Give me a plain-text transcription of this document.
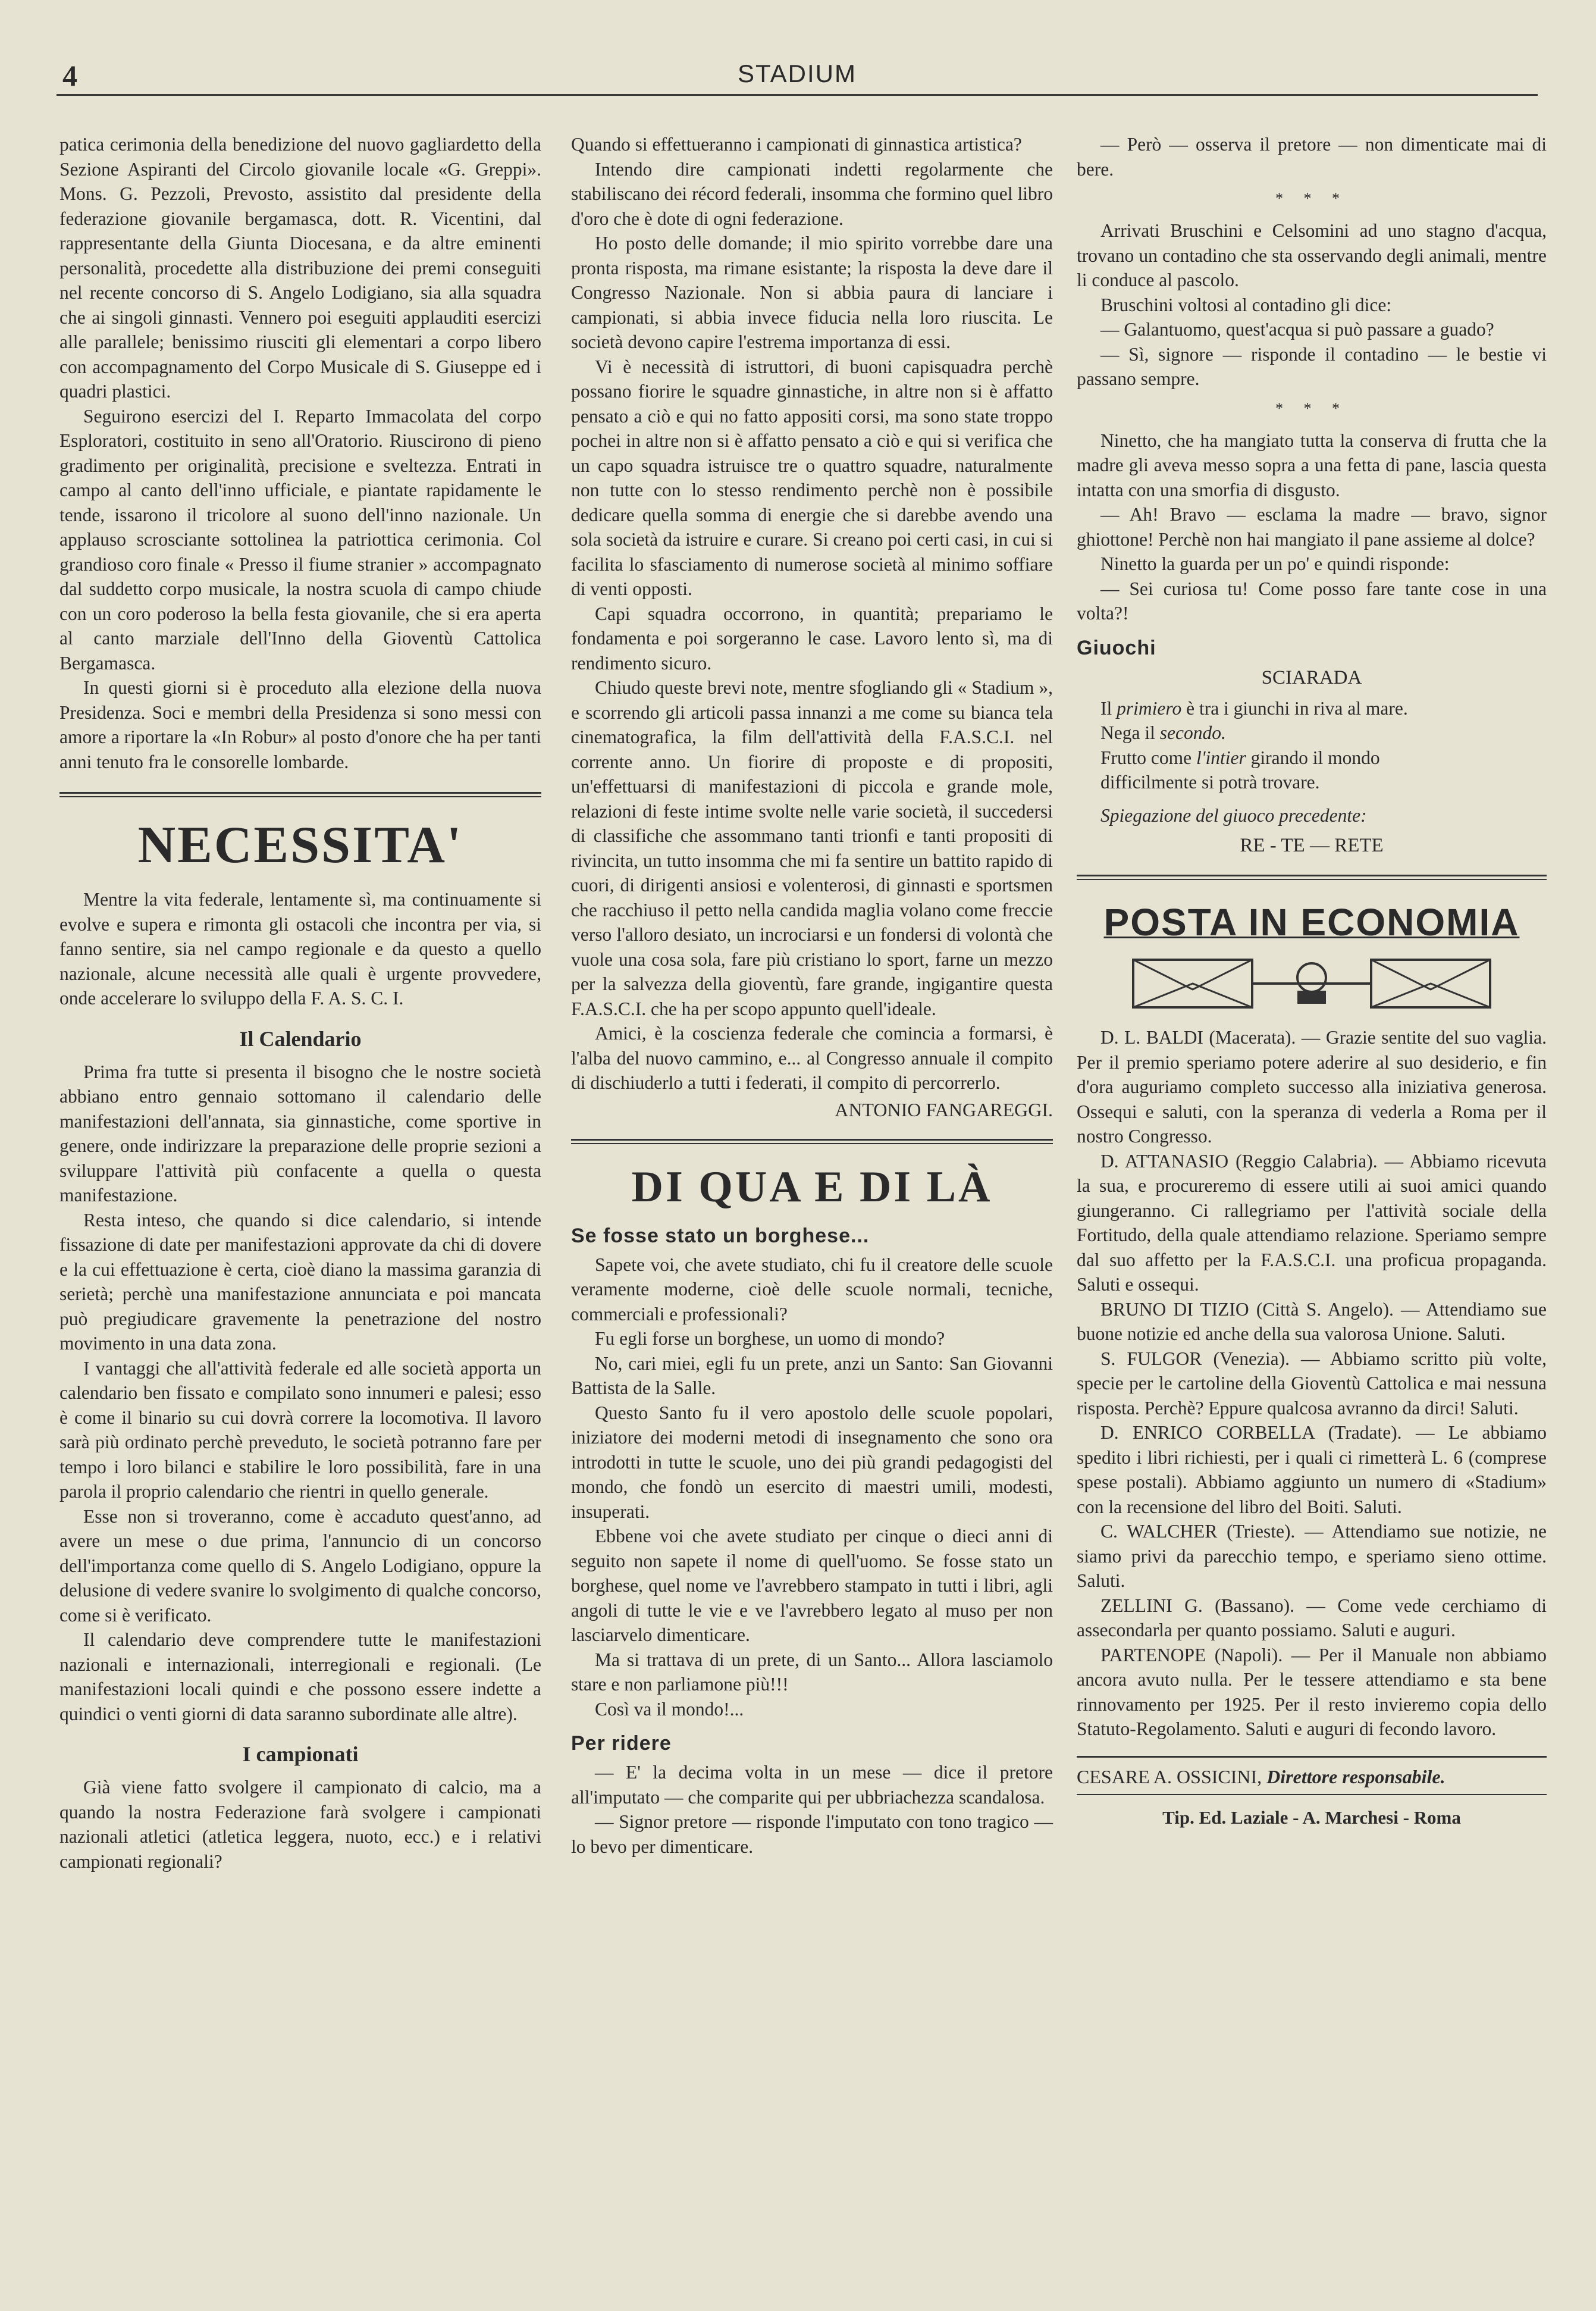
4	STADIUM

patica cerimonia della benedizione del nuovo gagliardetto della Sezione Aspiranti del Circolo giovanile locale «G. Greppi». Mons. G. Pezzoli, Prevosto, assistito dal presidente della federazione giovanile bergamasca, dott. R. Vicentini, dal rappresentante della Giunta Diocesana, e da altre eminenti personalità, procedette alla distribuzione dei premi conseguiti nel recente concorso di S. Angelo Lodigiano, sia alla squadra che ai singoli ginnasti. Vennero poi eseguiti applauditi esercizi alle parallele; benissimo riusciti gli elementari a corpo libero con accompagnamento del Corpo Musicale di S. Giuseppe ed i quadri plastici.

Seguirono esercizi del I. Reparto Immacolata del corpo Esploratori, costituito in seno all'Oratorio. Riuscirono di pieno gradimento per originalità, precisione e sveltezza. Entrati in campo al canto dell'inno ufficiale, e piantate rapidamente le tende, issarono il tricolore al suono dell'inno nazionale. Un applauso scrosciante sottolinea la patriottica cerimonia. Col grandioso coro finale « Presso il fiume stranier » accompagnato dal suddetto corpo musicale, la nostra scuola di campo chiude con un coro poderoso la bella festa giovanile, che si era aperta al canto marziale dell'Inno della Gioventù Cattolica Bergamasca.

In questi giorni si è proceduto alla elezione della nuova Presidenza. Soci e membri della Presidenza si sono messi con amore a riportare la «In Robur» al posto d'onore che ha per tanti anni tenuto fra le consorelle lombarde.

NECESSITA'

Mentre la vita federale, lentamente sì, ma continuamente si evolve e supera e rimonta gli ostacoli che incontra per via, si fanno sentire, sia nel campo regionale e da questo a quello nazionale, alcune necessità alle quali è urgente provvedere, onde accelerare lo sviluppo della F. A. S. C. I.

Il Calendario

Prima fra tutte si presenta il bisogno che le nostre società abbiano entro gennaio sottomano il calendario delle manifestazioni dell'annata, sia ginnastiche, come sportive in genere, onde indirizzare la preparazione delle proprie sezioni a sviluppare l'attività più confacente a quella o questa manifestazione.

Resta inteso, che quando si dice calendario, si intende fissazione di date per manifestazioni approvate da chi di dovere e la cui effettuazione è certa, cioè diano la massima garanzia di serietà; perchè una manifestazione annunciata e poi mancata può pregiudicare gravemente la penetrazione del nostro movimento in una data zona.

I vantaggi che all'attività federale ed alle società apporta un calendario ben fissato e compilato sono innumeri e palesi; esso è come il binario su cui dovrà correre la locomotiva. Il lavoro sarà più ordinato perchè preveduto, le società potranno fare per tempo i loro bilanci e stabilire le loro possibilità, fare in una parola il proprio calendario che rientri in quello generale.

Esse non si troveranno, come è accaduto quest'anno, ad avere un mese o due prima, l'annuncio di un concorso dell'importanza come quello di S. Angelo Lodigiano, oppure la delusione di vedere svanire lo svolgimento di qualche concorso, come si è verificato.

Il calendario deve comprendere tutte le manifestazioni nazionali e internazionali, interregionali e regionali. (Le manifestazioni locali quindi e che possono essere indette a quindici o venti giorni di data saranno subordinate alle altre).

I campionati

Già viene fatto svolgere il campionato di calcio, ma a quando la nostra Federazione farà svolgere i campionati nazionali atletici (atletica leggera, nuoto, ecc.) e i relativi campionati regionali?

Quando si effettueranno i campionati di ginnastica artistica?

Intendo dire campionati indetti regolarmente che stabiliscano dei récord federali, insomma che formino quel libro d'oro che è dote di ogni federazione.

Ho posto delle domande; il mio spirito vorrebbe dare una pronta risposta, ma rimane esistante; la risposta la deve dare il Congresso Nazionale. Non si abbia paura di lanciare i campionati, si abbia invece fiducia nella loro riuscita. Le società devono capire l'estrema importanza di essi.

Vi è necessità di istruttori, di buoni capisquadra perchè possano fiorire le squadre ginnastiche, in altre non si è affatto pensato a ciò e qui no fatto appositi corsi, ma sono state troppo pochei in altre non si è affatto pensato a ciò e qui si verifica che un capo squadra istruisce tre o quattro squadre, naturalmente non tutte con lo stesso rendimento perchè non è possibile dedicare quella somma di energie che si darebbe avendo una sola società da istruire e curare. Si creano poi certi casi, in cui si facilita lo sfasciamento di numerose società al minimo soffiare di venti opposti.

Capi squadra occorrono, in quantità; prepariamo le fondamenta e poi sorgeranno le case. Lavoro lento sì, ma di rendimento sicuro.

Chiudo queste brevi note, mentre sfogliando gli « Stadium », e scorrendo gli articoli passa innanzi a me come su bianca tela cinematografica, la film dell'attività della F.A.S.C.I. nel corrente anno. Un fiorire di proposte e di propositi, un'effettuarsi di manifestazioni di piccola e grande mole, relazioni di feste intime svolte nelle varie società, il succedersi di classifiche che assommano tanti trionfi e tanti propositi di rivincita, un tutto insomma che mi fa sentire un battito rapido di cuori, di dirigenti ansiosi e volenterosi, di ginnasti e sportsmen che racchiuso il petto nella candida maglia volano come freccie verso l'alloro desiato, un incrociarsi e un fondersi di volontà che vuole una cosa sola, fare più cristiano lo sport, farne un mezzo per la salvezza della gioventù, fare grande, ingigantire questa F.A.S.C.I. che ha per scopo appunto quell'ideale.

Amici, è la coscienza federale che comincia a formarsi, è l'alba del nuovo cammino, e... al Congresso annuale il compito di dischiuderlo a tutti i federati, il compito di percorrerlo.

ANTONIO FANGAREGGI.
DI QUA E DI LÀ
Se fosse stato un borghese...

Sapete voi, che avete studiato, chi fu il creatore delle scuole veramente moderne, cioè delle scuole normali, tecniche, commerciali e professionali?

Fu egli forse un borghese, un uomo di mondo?

No, cari miei, egli fu un prete, anzi un Santo: San Giovanni Battista de la Salle.

Questo Santo fu il vero apostolo delle scuole popolari, iniziatore dei moderni metodi di insegnamento che sono ora introdotti in tutte le scuole, uno dei più grandi pedagogisti del mondo, che fondò un esercito di maestri umili, modesti, insuperati.

Ebbene voi che avete studiato per cinque o dieci anni di seguito non sapete il nome di quell'uomo. Se fosse stato un borghese, quel nome ve l'avrebbero stampato in tutti i libri, agli angoli di tutte le vie e ve l'avrebbero legato al muso per non lasciarvelo dimenticare.

Ma si trattava di un prete, di un Santo... Allora lasciamolo stare e non parliamone più!!!

Così va il mondo!...

Per ridere

— E' la decima volta in un mese — dice il pretore all'imputato — che comparite qui per ubbriachezza scandalosa.

— Signor pretore — risponde l'imputato con tono tragico — lo bevo per dimenticare.

— Però — osserva il pretore — non dimenticate mai di bere.

* * *

Arrivati Bruschini e Celsomini ad uno stagno d'acqua, trovano un contadino che sta osservando degli animali, mentre li conduce al pascolo.

Bruschini voltosi al contadino gli dice:

— Galantuomo, quest'acqua si può passare a guado?

— Sì, signore — risponde il contadino — le bestie vi passano sempre.

* * *

Ninetto, che ha mangiato tutta la conserva di frutta che la madre gli aveva messo sopra a una fetta di pane, lascia questa intatta con una smorfia di disgusto.

— Ah! Bravo — esclama la madre — bravo, signor ghiottone! Perchè non hai mangiato il pane assieme al dolce?

Ninetto la guarda per un po' e quindi risponde:

— Sei curiosa tu! Come posso fare tante cose in una volta?!

Giuochi
SCIARADA
Il primiero è tra i giunchi in riva al mare.
Nega il secondo.
Frutto come l'intier girando il mondo
difficilmente si potrà trovare.
Spiegazione del giuoco precedente:
RE - TE — RETE
POSTA IN ECONOMIA

D. L. BALDI (Macerata). — Grazie sentite del suo vaglia. Per il premio speriamo potere aderire al suo desiderio, e fin d'ora auguriamo completo successo alla iniziativa generosa. Ossequi e saluti, con la speranza di vederla a Roma per il nostro Congresso.

D. ATTANASIO (Reggio Calabria). — Abbiamo ricevuta la sua, e procureremo di essere utili ai suoi amici quando giungeranno. Ci rallegriamo per l'attività sociale della Fortitudo, della quale attendiamo relazione. Speriamo sempre dal suo affetto per la F.A.S.C.I. una proficua propaganda. Saluti e ossequi.

BRUNO DI TIZIO (Città S. Angelo). — Attendiamo sue buone notizie ed anche della sua valorosa Unione. Saluti.

S. FULGOR (Venezia). — Abbiamo scritto più volte, specie per le cartoline della Gioventù Cattolica e mai nessuna risposta. Perchè? Eppure qualcosa avranno da dirci! Saluti.

D. ENRICO CORBELLA (Tradate). — Le abbiamo spedito i libri richiesti, per i quali ci rimetterà L. 6 (comprese spese postali). Abbiamo aggiunto un numero di «Stadium» con la recensione del libro del Boiti. Saluti.

C. WALCHER (Trieste). — Attendiamo sue notizie, ne siamo privi da parecchio tempo, e speriamo sieno ottime. Saluti.

ZELLINI G. (Bassano). — Come vede cerchiamo di assecondarla per quanto possiamo. Saluti e auguri.

PARTENOPE (Napoli). — Per il Manuale non abbiamo ancora avuto nulla. Per le tessere attendiamo e sta bene rinnovamento per 1925. Per il resto invieremo copia dello Statuto-Regolamento. Saluti e auguri di fecondo lavoro.

CESARE A. OSSICINI, Direttore responsabile.
Tip. Ed. Laziale - A. Marchesi - Roma
